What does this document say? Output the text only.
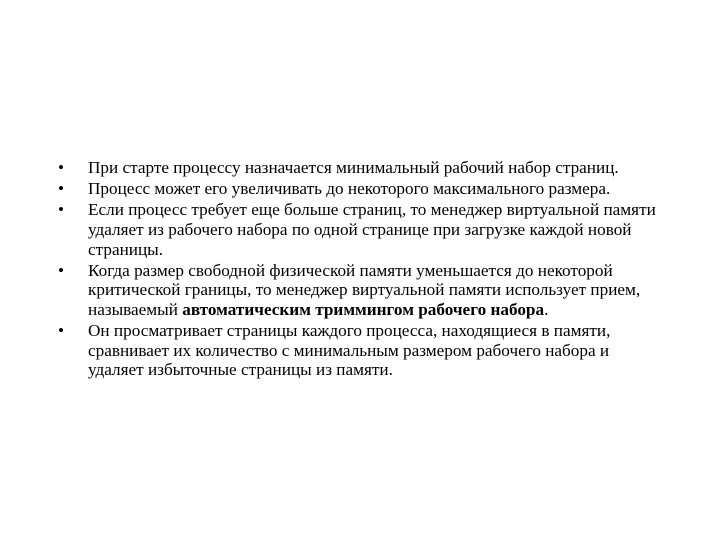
• При старте процессу назначается минимальный рабочий набор страниц.
• Процесс может его увеличивать до некоторого максимального размера.
• Если процесс требует еще больше страниц, то менеджер виртуальной памяти удаляет из рабочего набора по одной странице при загрузке каждой новой страницы.
• Когда размер свободной физической памяти уменьшается до некоторой критической границы, то менеджер виртуальной памяти использует прием, называемый автоматическим триммингом рабочего набора.
• Он просматривает страницы каждого процесса, находящиеся в памяти, сравнивает их количество с минимальным размером рабочего набора и удаляет избыточные страницы из памяти.
